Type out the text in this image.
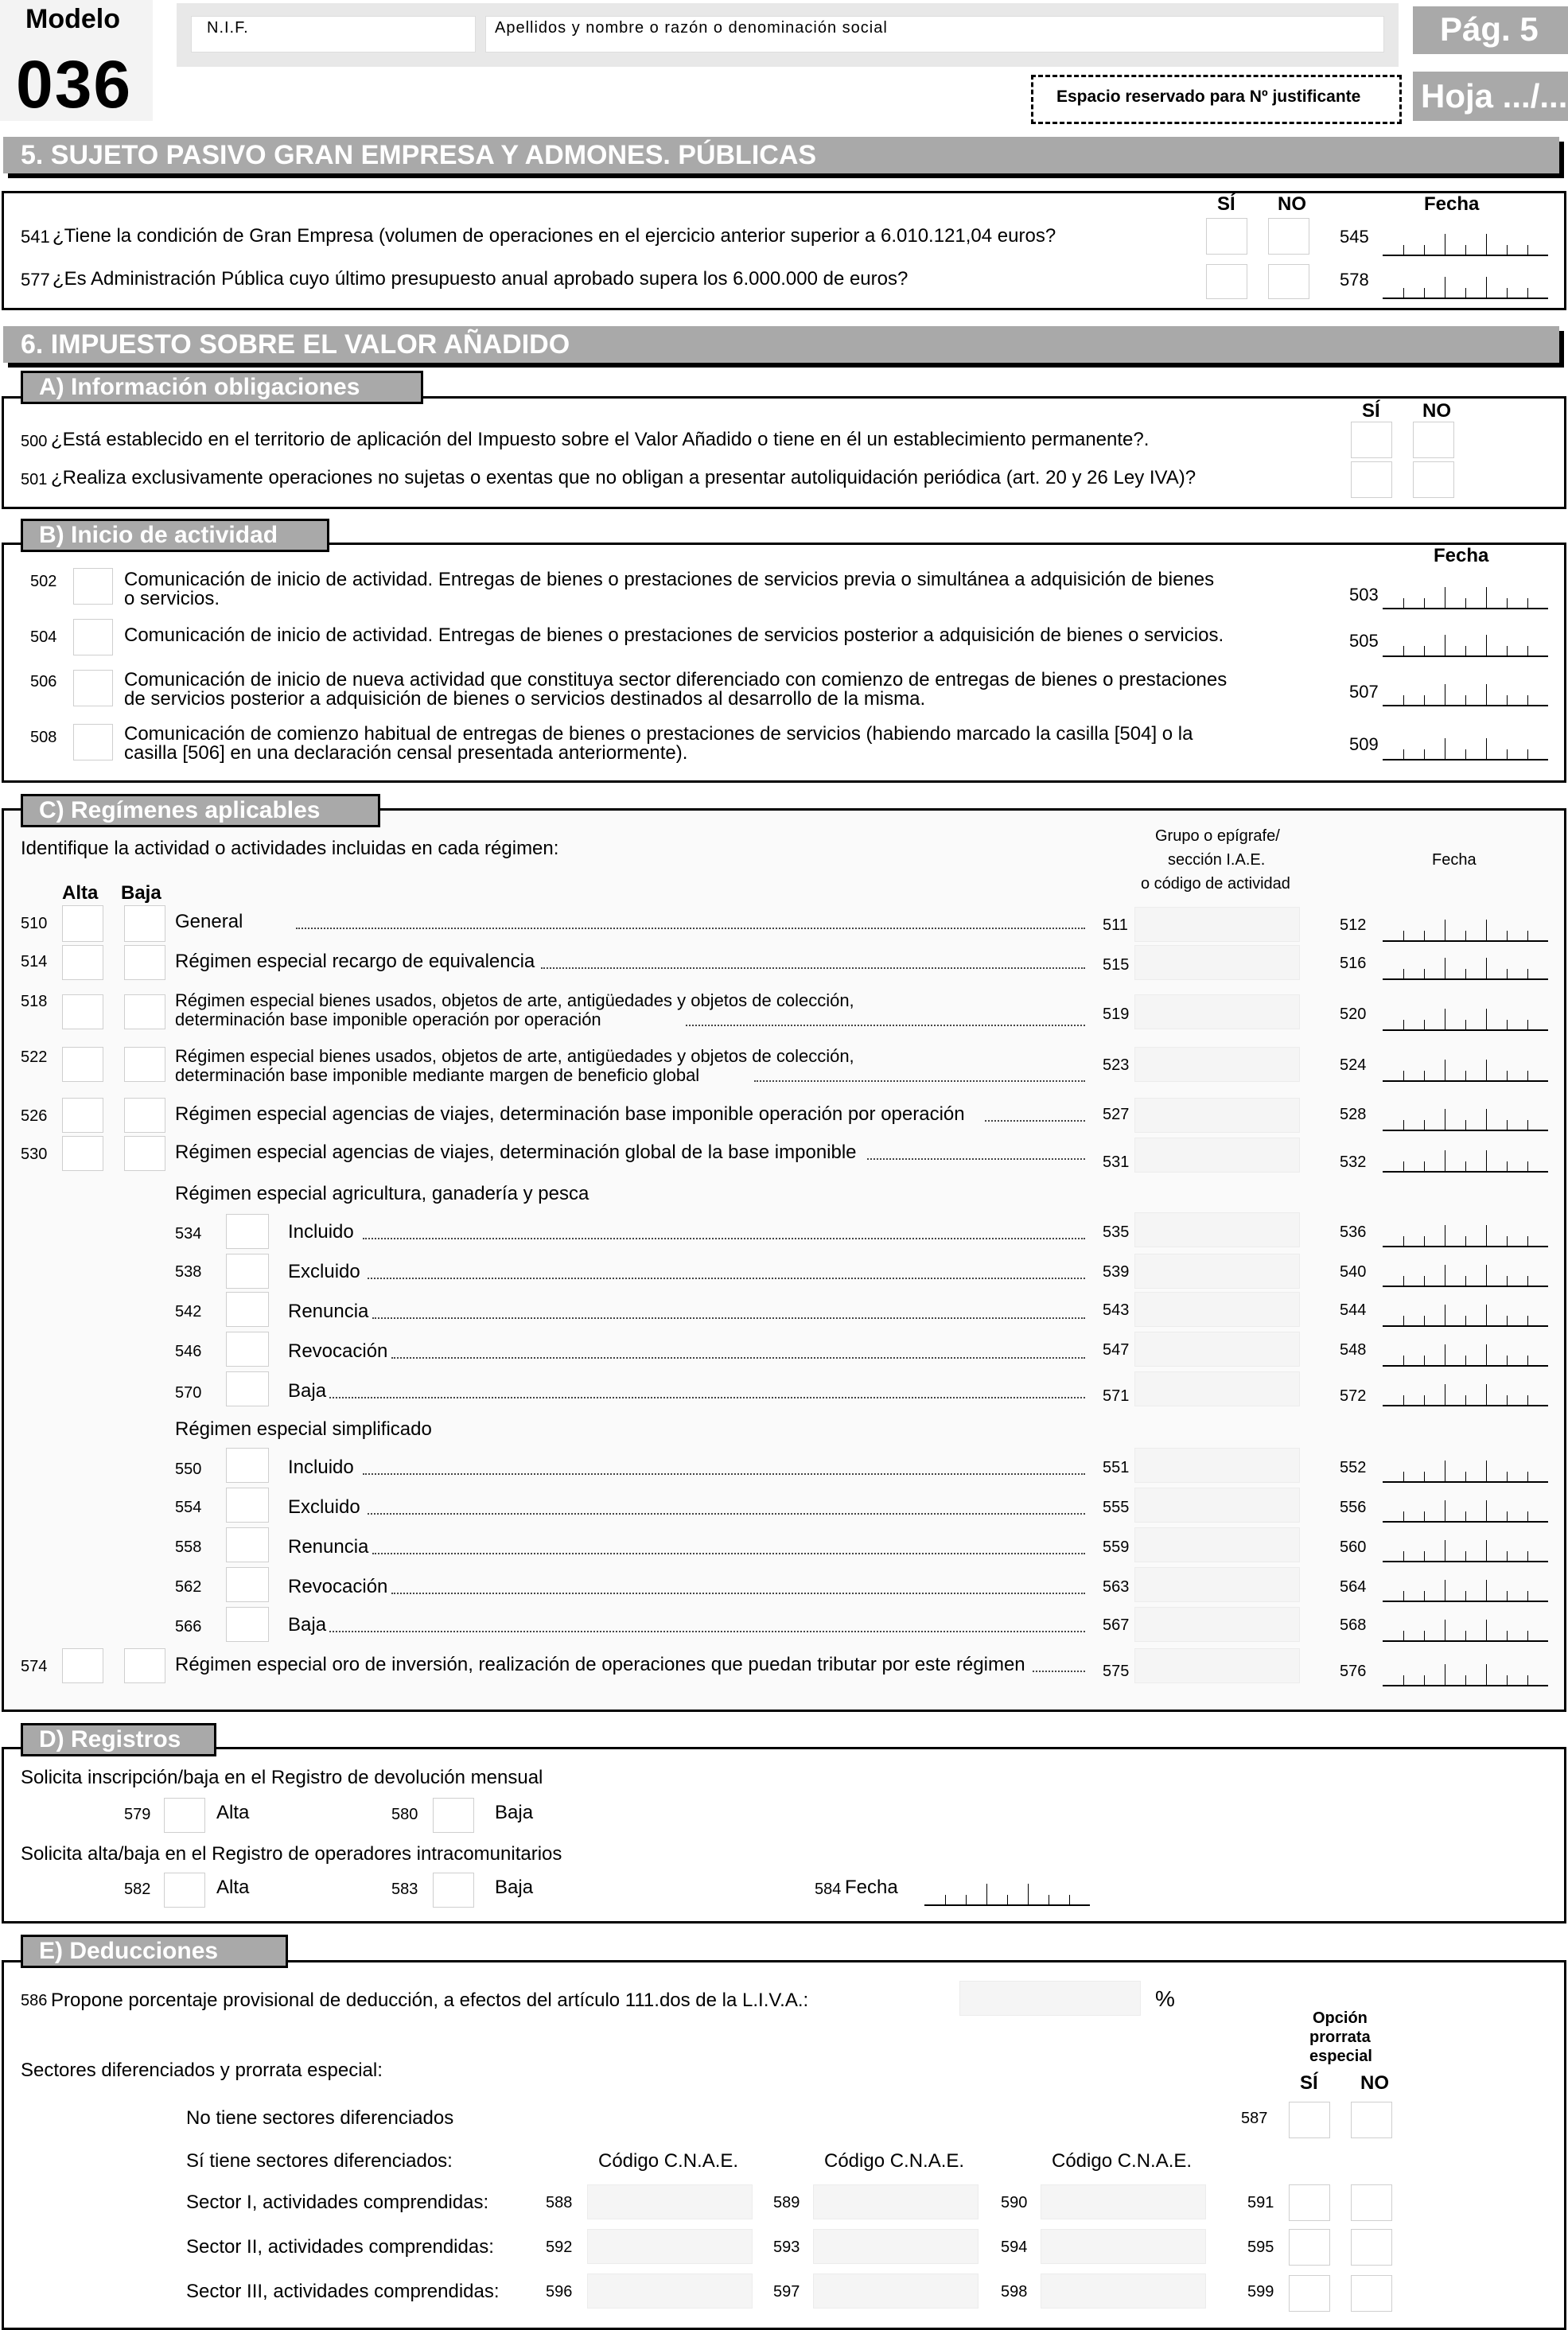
Modelo
036
N.I.F.	Apellidos y nombre o razón o denominación social	Pág. 5
Espacio reservado para Nº justificante Hoja .../...
5. SUJETO PASIVO GRAN EMPRESA Y ADMONES. PÚBLICAS
SÍ NO	Fecha
541 ¿Tiene la condición de Gran Empresa (volumen de operaciones en el ejercicio anterior superior a 6.010.121,04 euros?	545
577 ¿Es Administración Pública cuyo último presupuesto anual aprobado supera los 6.000.000 de euros?	578
6. IMPUESTO SOBRE EL VALOR AÑADIDO
A) Información obligaciones
SÍ NO
500 ¿Está establecido en el territorio de aplicación del Impuesto sobre el Valor Añadido o tiene en él un establecimiento permanente?.
501 ¿Realiza exclusivamente operaciones no sujetas o exentas que no obligan a presentar autoliquidación periódica (art. 20 y 26 Ley IVA)?
B) Inicio de actividad
Fecha
502	Comunicación de inicio de actividad. Entregas de bienes o prestaciones de servicios previa o simultánea a adquisición de bienes
o servicios.	503
504	Comunicación de inicio de actividad. Entregas de bienes o prestaciones de servicios posterior a adquisición de bienes o servicios.	505
506	Comunicación de inicio de nueva actividad que constituya sector diferenciado con comienzo de entregas de bienes o prestaciones
de servicios posterior a adquisición de bienes o servicios destinados al desarrollo de la misma.	507
508	Comunicación de comienzo habitual de entregas de bienes o prestaciones de servicios (habiendo marcado la casilla [504] o la
casilla [506] en una declaración censal presentada anteriormente).	509
C) Regímenes aplicables
Identifique la actividad o actividades incluidas en cada régimen:
Grupo o epígrafe/
sección I.A.E.
o código de actividad
Fecha
Alta Baja
510	General	511	512
514	Régimen especial recargo de equivalencia	515	516
518	Régimen especial bienes usados, objetos de arte, antigüedades y objetos de colección,
determinación base imponible operación por operación	519	520
522	Régimen especial bienes usados, objetos de arte, antigüedades y objetos de colección,
determinación base imponible mediante margen de beneficio global	523	524
526	Régimen especial agencias de viajes, determinación base imponible operación por operación	527	528
530	Régimen especial agencias de viajes, determinación global de la base imponible	531	532
Régimen especial agricultura, ganadería y pesca
534	Incluido	535	536
538	Excluido	539	540
542	Renuncia	543	544
546	Revocación	547	548
570	Baja	571	572
Régimen especial simplificado
550	Incluido	551	552
554	Excluido	555	556
558	Renuncia	559	560
562	Revocación	563	564
566	Baja	567	568
574	Régimen especial oro de inversión, realización de operaciones que puedan tributar por este régimen	575	576
D) Registros
Solicita inscripción/baja en el Registro de devolución mensual
579	Alta	580	Baja
Solicita alta/baja en el Registro de operadores intracomunitarios
582	Alta	583	Baja	584 Fecha
E) Deducciones
586 Propone porcentaje provisional de deducción, a efectos del artículo 111.dos de la L.I.V.A.:	%
Opción
prorrata
especial
Sectores diferenciados y prorrata especial:
SÍ NO
No tiene sectores diferenciados	587
Sí tiene sectores diferenciados:	Código C.N.A.E.	Código C.N.A.E.	Código C.N.A.E.
Sector I, actividades comprendidas:	588	589	590	591
Sector II, actividades comprendidas:	592	593	594	595
Sector III, actividades comprendidas:	596	597	598	599
